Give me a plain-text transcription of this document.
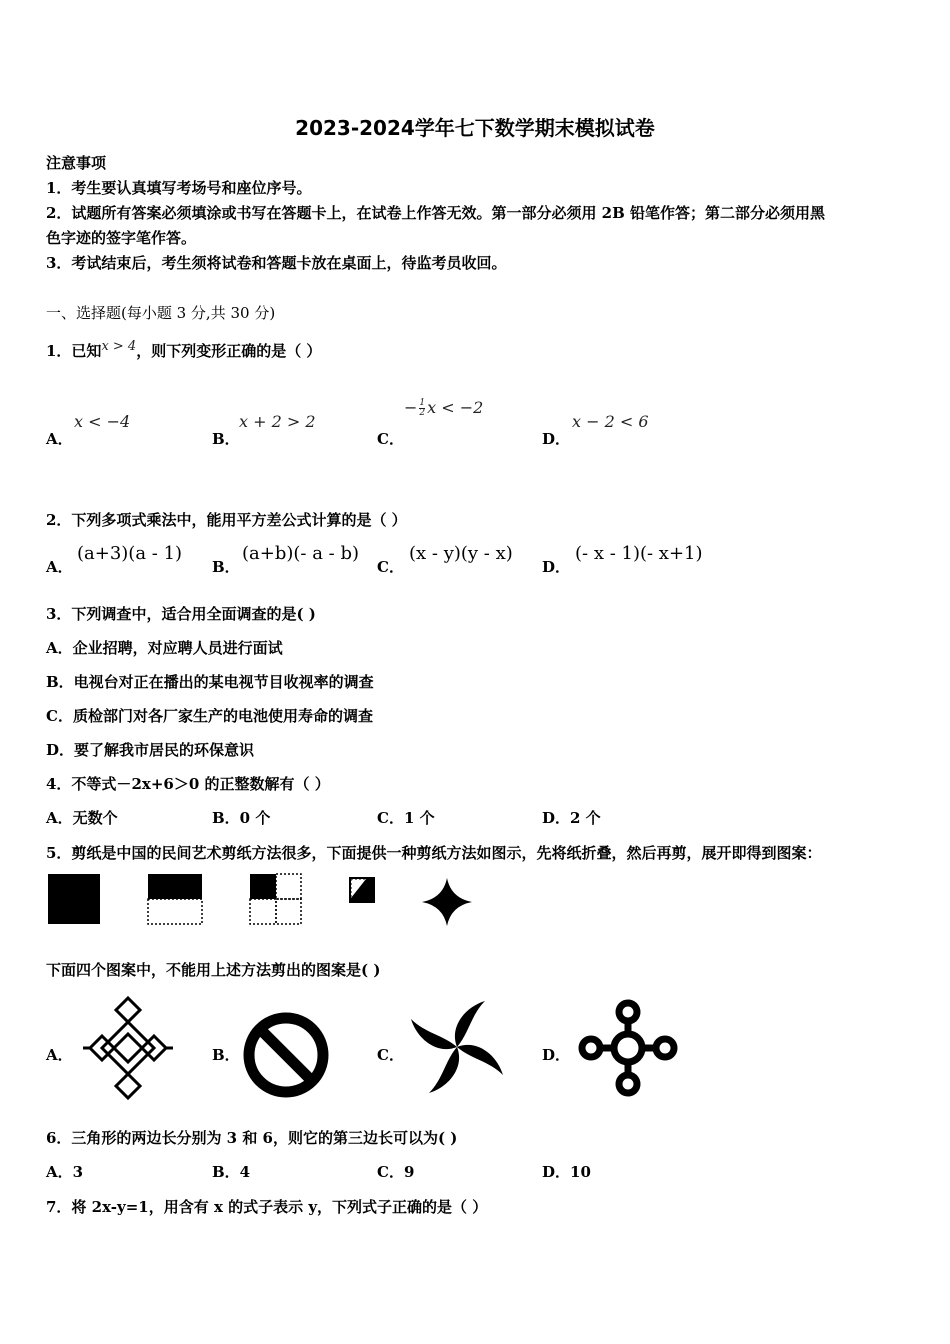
2023-2024学年七下数学期末模拟试卷
注意事项
1．考生要认真填写考场号和座位序号。
2．试题所有答案必须填涂或书写在答题卡上，在试卷上作答无效。第一部分必须用 2B 铅笔作答；第二部分必须用黑
色字迹的签字笔作答。
3．考试结束后，考生须将试卷和答题卡放在桌面上，待监考员收回。
一、选择题(每小题 3 分,共 30 分)
1．已知x > 4，则下列变形正确的是（ ）
A．
x < −4
B．
x + 2 > 2
C．
− $\frac{1}{2}$ x < −2
D．
x − 2 < 6
2．下列多项式乘法中，能用平方差公式计算的是（ ）
A．
(a+3)(a - 1)
B．
(a+b)(- a - b)
C．
(x - y)(y - x)
D．
(- x - 1)(- x+1)
3．下列调查中，适合用全面调查的是( )
A．企业招聘，对应聘人员进行面试
B．电视台对正在播出的某电视节目收视率的调查
C．质检部门对各厂家生产的电池使用寿命的调查
D．要了解我市居民的环保意识
4．不等式－2x+6＞0 的正整数解有（ ）
A．无数个	B．0 个	C．1 个	D．2 个
5．剪纸是中国的民间艺术剪纸方法很多，下面提供一种剪纸方法如图示，先将纸折叠，然后再剪，展开即得到图案：
下面四个图案中，不能用上述方法剪出的图案是( )
A．	B．	C．	D．
6．三角形的两边长分别为 3 和 6，则它的第三边长可以为( )
A．3	B．4	C．9	D．10
7．将 2x-y=1，用含有 x 的式子表示 y，下列式子正确的是（ ）
